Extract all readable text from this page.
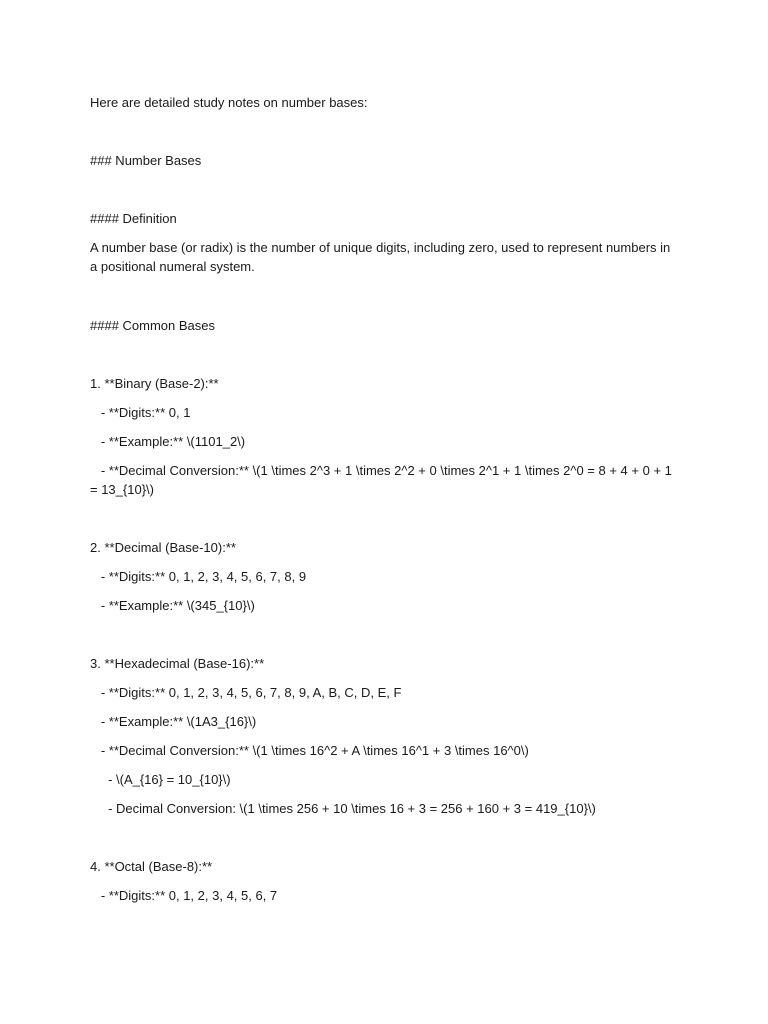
Here are detailed study notes on number bases:
### Number Bases
#### Definition
A number base (or radix) is the number of unique digits, including zero, used to represent numbers in a positional numeral system.
#### Common Bases
1. **Binary (Base-2):**
- **Digits:** 0, 1
- **Example:** \(1101_2\)
- **Decimal Conversion:** \(1 \times 2^3 + 1 \times 2^2 + 0 \times 2^1 + 1 \times 2^0 = 8 + 4 + 0 + 1 = 13_{10}\)
2. **Decimal (Base-10):**
- **Digits:** 0, 1, 2, 3, 4, 5, 6, 7, 8, 9
- **Example:** \(345_{10}\)
3. **Hexadecimal (Base-16):**
- **Digits:** 0, 1, 2, 3, 4, 5, 6, 7, 8, 9, A, B, C, D, E, F
- **Example:** \(1A3_{16}\)
- **Decimal Conversion:** \(1 \times 16^2 + A \times 16^1 + 3 \times 16^0\)
- \(A_{16} = 10_{10}\)
- Decimal Conversion: \(1 \times 256 + 10 \times 16 + 3 = 256 + 160 + 3 = 419_{10}\)
4. **Octal (Base-8):**
- **Digits:** 0, 1, 2, 3, 4, 5, 6, 7
